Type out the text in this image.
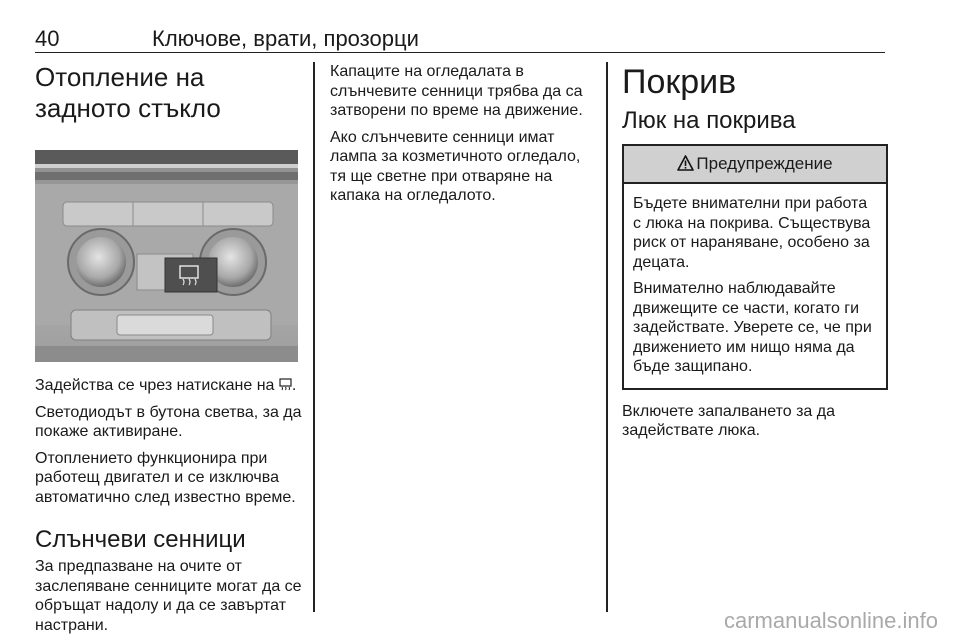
40	Ключове, врати, прозорци
Отопление на задното стъкло

Задейства се чрез натискане на .

Светодиодът в бутона светва, за да покаже активиране.

Отоплението функционира при работещ двигател и се изключва автоматично след известно време.

Слънчеви сенници

За предпазване на очите от заслепяване сенниците могат да се обръщат надолу и да се завъртат настрани.

Капаците на огледалата в слънчевите сенници трябва да са затворени по време на движение.

Ако слънчевите сенници имат лампа за козметичното огледало, тя ще светне при отваряне на капака на огледалото.

Покрив
Люк на покрива
Предупреждение

Бъдете внимателни при работа с люка на покрива. Съществува риск от нараняване, особено за децата.

Внимателно наблюдавайте движещите се части, когато ги задействате. Уверете се, че при движението им нищо няма да бъде защипано.

Включете запалването за да задействате люка.

carmanualsonline.info
